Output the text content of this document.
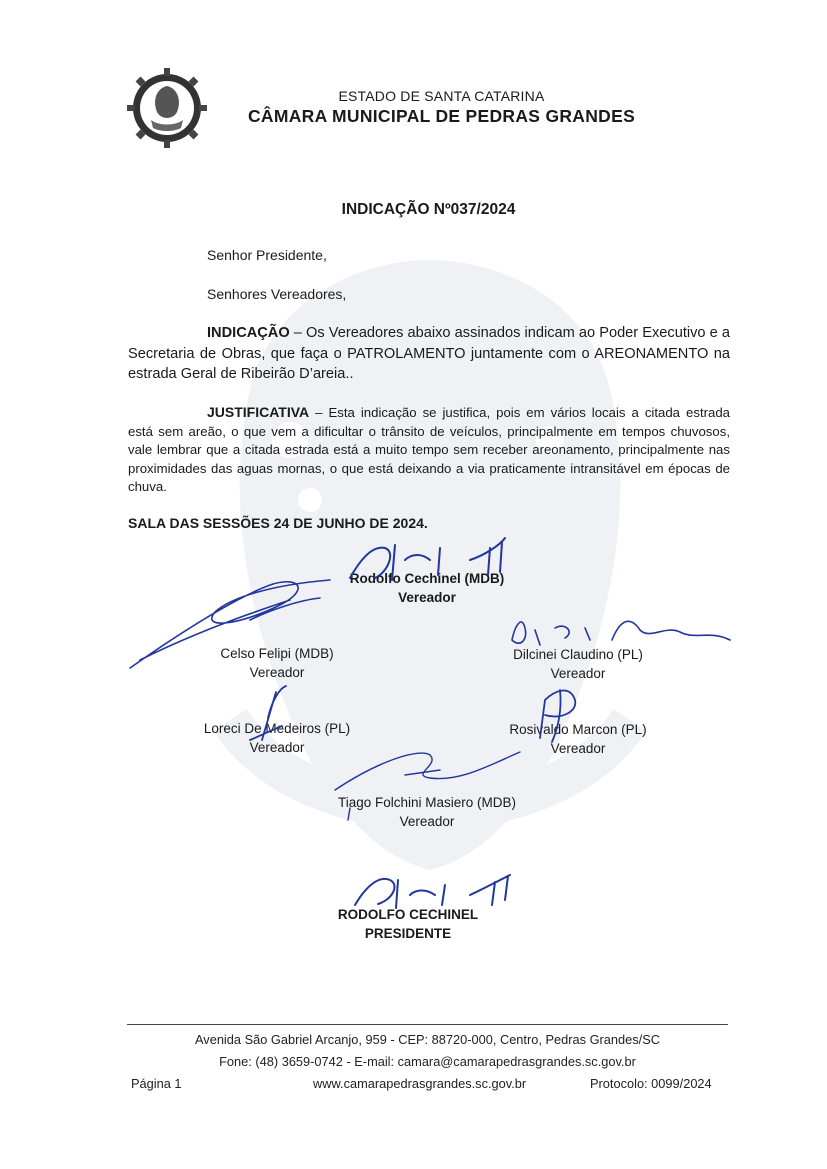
ESTADO DE SANTA CATARINA
CÂMARA MUNICIPAL DE PEDRAS GRANDES
INDICAÇÃO Nº037/2024
Senhor Presidente,
Senhores Vereadores,
INDICAÇÃO – Os Vereadores abaixo assinados indicam ao Poder Executivo e a Secretaria de Obras, que faça o PATROLAMENTO juntamente com o AREONAMENTO na estrada Geral de Ribeirão D’areia..
JUSTIFICATIVA – Esta indicação se justifica, pois em vários locais a citada estrada está sem areão, o que vem a dificultar o trânsito de veículos, principalmente em tempos chuvosos, vale lembrar que a citada estrada está a muito tempo sem receber areonamento, principalmente nas proximidades das aguas mornas, o que está deixando a via praticamente intransitável em épocas de chuva.
SALA DAS SESSÕES 24 DE JUNHO DE 2024.
Rodolfo Cechinel (MDB)
Vereador
Celso Felipi (MDB)
Vereador
Dilcinei Claudino (PL)
Vereador
Loreci De Medeiros (PL)
Vereador
Rosivaldo Marcon (PL)
Vereador
Tiago Folchini Masiero (MDB)
Vereador
RODOLFO CECHINEL
PRESIDENTE
Avenida São Gabriel Arcanjo, 959 - CEP: 88720-000, Centro, Pedras Grandes/SC
Fone: (48) 3659-0742 - E-mail: camara@camarapedrasgrandes.sc.gov.br
Página 1	www.camarapedrasgrandes.sc.gov.br	Protocolo: 0099/2024
